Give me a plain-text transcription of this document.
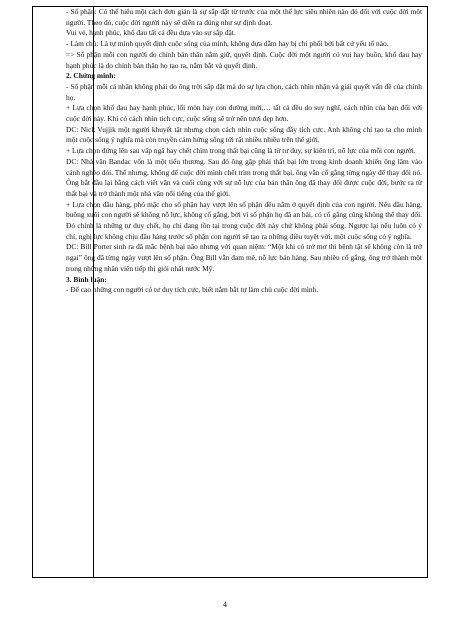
- Số phận: Có thể hiểu một cách đơn giản là sự sắp đặt từ trước của một thế lực siêu nhiên nào đó đối với cuộc đời một người. Theo đó, cuộc đời người này sẽ diễn ra đúng như sự định đoạt.

Vui vẻ, hạnh phúc, khổ đau tất cả đều dựa vào sự sắp đặt.

- Làm chủ: Là tự mình quyết định cuộc sống của mình, không dựa dẫm hay bị chi phối bởi bất cứ yếu tố nào.

=> Số phận mỗi con người do chính bản thân nắm giữ, quyết định. Cuộc đời một người có vui hay buồn, khổ đau hay hạnh phúc là do chính bản thân họ tạo ra, nắm bắt và quyết định.

2. Chứng minh:

- Số phận mỗi cá nhân không phải do ông trời sắp đặt mà do sự lựa chọn, cách nhìn nhận và giải quyết vấn đề của chính họ.

+ Lựa chọn khổ đau hay hạnh phúc, lối mòn hay con đường mới,… tất cả đều do suy nghĩ, cách nhìn của bạn đối với cuộc đời này. Khi có cách nhìn tích cực, cuộc sống sẽ trở nên tươi đẹp hơn.

DC: Nick Vujjik một người khuyết tật nhưng chọn cách nhìn cuộc sống đầy tích cực. Anh không chỉ tạo ta cho mình một cuộc sống ý nghĩa mà còn truyền cảm hứng sống tới rất nhiều nhiều trên thế giới.

+ Lựa chọn đứng lên sau vấp ngã hay chết chìm trong thất bại cũng là từ tư duy, sự kiên trì, nỗ lực của mỗi con người.

DC: Nhà văn Bandac vốn là một tiểu thương. Sau đó ông gặp phải thất bại lớn trong kinh doanh khiến ông lâm vào cảnh nghèo đói. Thế nhưng, không để cuộc đời mình chết trìm trong thất bại, ông vẫn cố gắng từng ngày để thay đổi nó. Ông bắt đầu lại bằng cách viết văn và cuối cùng với sự nỗ lực của bản thân ông đã thay đổi được cuộc đời, bước ra từ thất bại và trở thành một nhà văn nổi tiếng của thế giới.

+ Lựa chọn đầu hàng, phó mặc cho số phận hay vượt lên số phận đều nằm ở quyết định của con người. Nếu đầu hàng, buông xuôi con người sẽ không nỗ lực, không cố gắng, bởi vì số phận họ đã an bài, có cố gắng cũng không thể thay đổi. Đó chính là những tư duy chết, họ chỉ đang tồn tại trong cuộc đời này chứ không phải sống. Ngược lại nếu luôn có ý chí, nghị lực không chịu đầu hàng trước số phận con người sẽ tạo ra những điều tuyệt vời, một cuộc sống có ý nghĩa.

DC: Bill Porter sinh ra đã mắc bệnh bại não nhưng với quan niệm: “Một khi có trở mơ thì bệnh tật sẽ không còn là trở ngại” ông đã từng ngày vượt lên số phận. Ông Bill vẫn đam mê, nỗ lực bán hàng. Sau nhiều cố gắng, ông trở thành một trong những nhân viên tiếp thị giỏi nhất nước Mỹ.

3. Bình luận:

- Để cao những con người có tư duy tích cực, biết nắm bắt tự làm chủ cuộc đời mình.

4
